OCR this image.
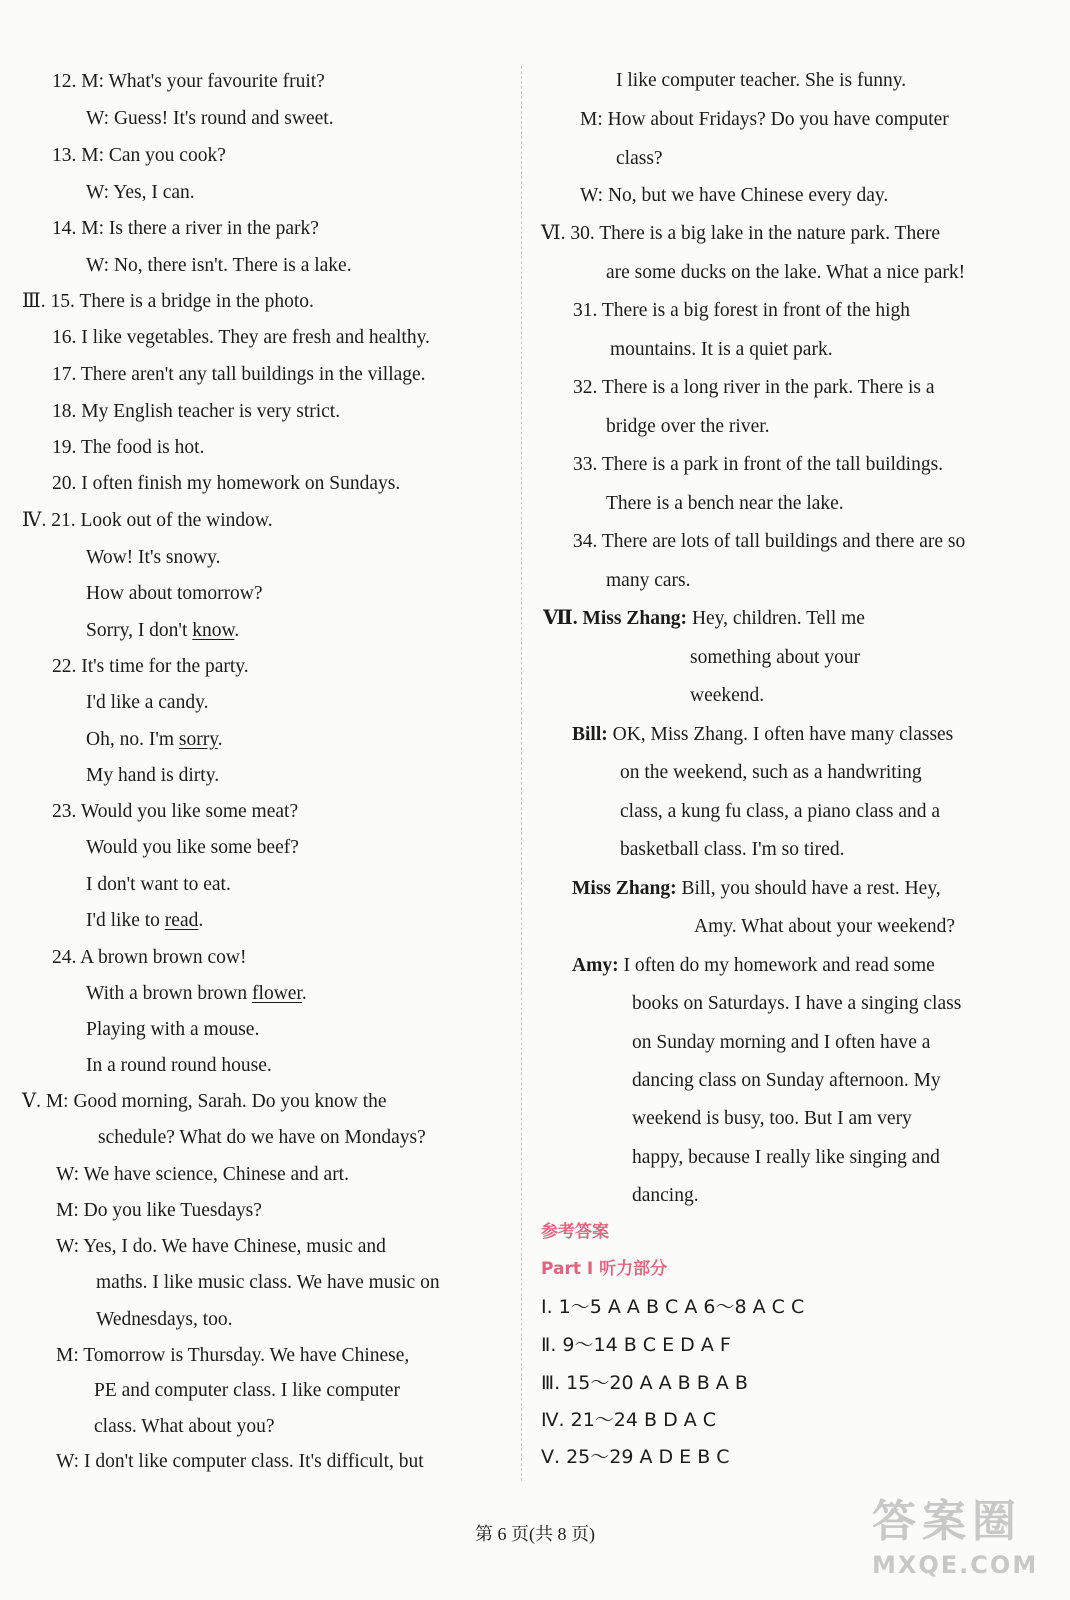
12. M: What's your favourite fruit?
W: Guess! It's round and sweet.
13. M: Can you cook?
W: Yes, I can.
14. M: Is there a river in the park?
W: No, there isn't. There is a lake.
Ⅲ. 15. There is a bridge in the photo.
16. I like vegetables. They are fresh and healthy.
17. There aren't any tall buildings in the village.
18. My English teacher is very strict.
19. The food is hot.
20. I often finish my homework on Sundays.
Ⅳ. 21. Look out of the window.
Wow! It's snowy.
How about tomorrow?
Sorry, I don't know.
22. It's time for the party.
I'd like a candy.
Oh, no. I'm sorry.
My hand is dirty.
23. Would you like some meat?
Would you like some beef?
I don't want to eat.
I'd like to read.
24. A brown brown cow!
With a brown brown flower.
Playing with a mouse.
In a round round house.
Ⅴ. M: Good morning, Sarah. Do you know the
schedule? What do we have on Mondays?
W: We have science, Chinese and art.
M: Do you like Tuesdays?
W: Yes, I do. We have Chinese, music and
maths. I like music class. We have music on
Wednesdays, too.
M: Tomorrow is Thursday. We have Chinese,
PE and computer class. I like computer
class. What about you?
W: I don't like computer class. It's difficult, but
I like computer teacher. She is funny.
M: How about Fridays? Do you have computer
class?
W: No, but we have Chinese every day.
Ⅵ. 30. There is a big lake in the nature park. There
are some ducks on the lake. What a nice park!
31. There is a big forest in front of the high
mountains. It is a quiet park.
32. There is a long river in the park. There is a
bridge over the river.
33. There is a park in front of the tall buildings.
There is a bench near the lake.
34. There are lots of tall buildings and there are so
many cars.
Ⅶ. Miss Zhang: Hey, children. Tell me
something about your
weekend.
Bill: OK, Miss Zhang. I often have many classes
on the weekend, such as a handwriting
class, a kung fu class, a piano class and a
basketball class. I'm so tired.
Miss Zhang: Bill, you should have a rest. Hey,
Amy. What about your weekend?
Amy: I often do my homework and read some
books on Saturdays. I have a singing class
on Sunday morning and I often have a
dancing class on Sunday afternoon. My
weekend is busy, too. But I am very
happy, because I really like singing and
dancing.
参考答案
Part Ⅰ 听力部分
Ⅰ. 1～5 A A B C A 6～8 A C C
Ⅱ. 9～14 B C E D A F
Ⅲ. 15～20 A A B B A B
Ⅳ. 21～24 B D A C
Ⅴ. 25～29 A D E B C
第 6 页(共 8 页)	答案圈
MXQE.COM
